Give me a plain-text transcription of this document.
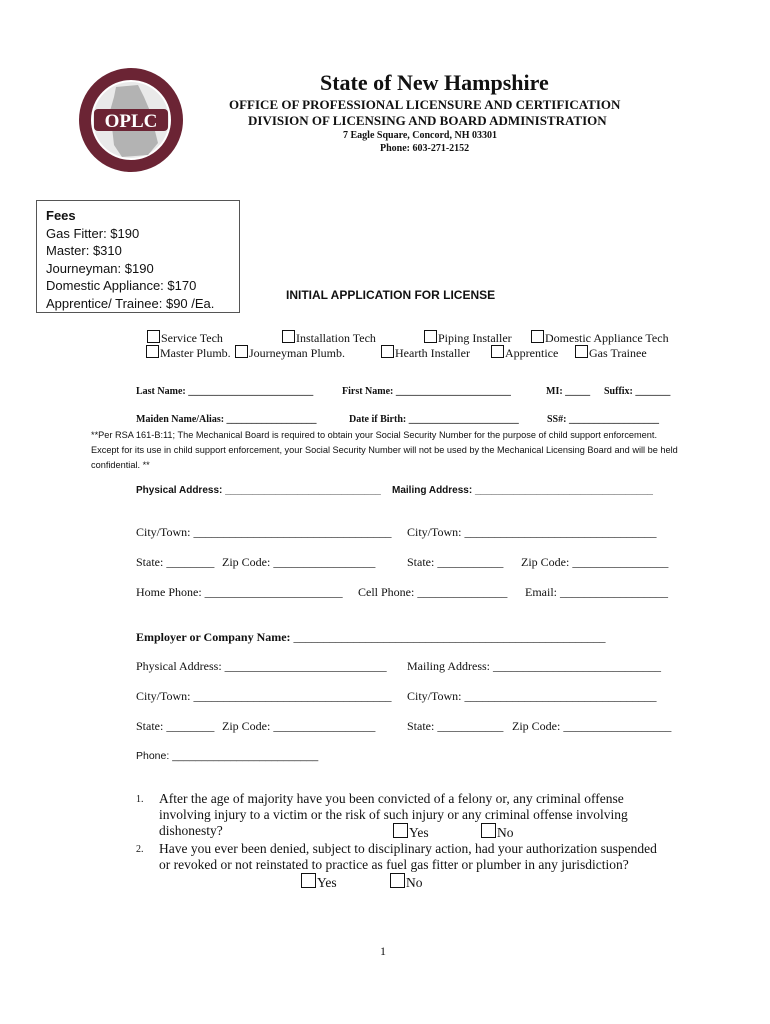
OPLC
State of New Hampshire
OFFICE OF PROFESSIONAL LICENSURE AND CERTIFICATION
DIVISION OF LICENSING AND BOARD ADMINISTRATION
7 Eagle Square, Concord, NH 03301
Phone: 603-271-2152
Fees
Gas Fitter: $190
Master: $310
Journeyman: $190
Domestic Appliance: $170
Apprentice/ Trainee: $90 /Ea.
INITIAL APPLICATION FOR LICENSE
Service Tech	Installation Tech	Piping Installer	Domestic Appliance Tech
Master Plumb.	Journeyman Plumb.	Hearth Installer	Apprentice	Gas Trainee
Last Name: _________________________	First Name: _______________________	MI: _____ Suffix: _______
Maiden Name/Alias: __________________	Date if Birth: ______________________	SS#: __________________
**Per RSA 161-B:11; The Mechanical Board is required to obtain your Social Security Number for the purpose of child support enforcement. Except for its use in child support enforcement, your Social Security Number will not be used by the Mechanical Licensing Board and will be held confidential. **
Physical Address: ____________________________ Mailing Address: ________________________________
City/Town: _________________________________ City/Town: ________________________________
State: ________ Zip Code: _________________	State: ___________ Zip Code: ________________
Home Phone: _______________________ Cell Phone: _______________ Email: __________________
Employer or Company Name: ____________________________________________________
Physical Address: ___________________________ Mailing Address: ____________________________
City/Town: _________________________________ City/Town: ________________________________
State: ________ Zip Code: _________________	State: ___________ Zip Code: __________________
Phone: _________________________
1. After the age of majority have you been convicted of a felony or, any criminal offense
involving injury to a victim or the risk of such injury or any criminal offense involving
dishonesty?	Yes	No
2. Have you ever been denied, subject to disciplinary action, had your authorization suspended
or revoked or not reinstated to practice as fuel gas fitter or plumber in any jurisdiction?
Yes	No
1
